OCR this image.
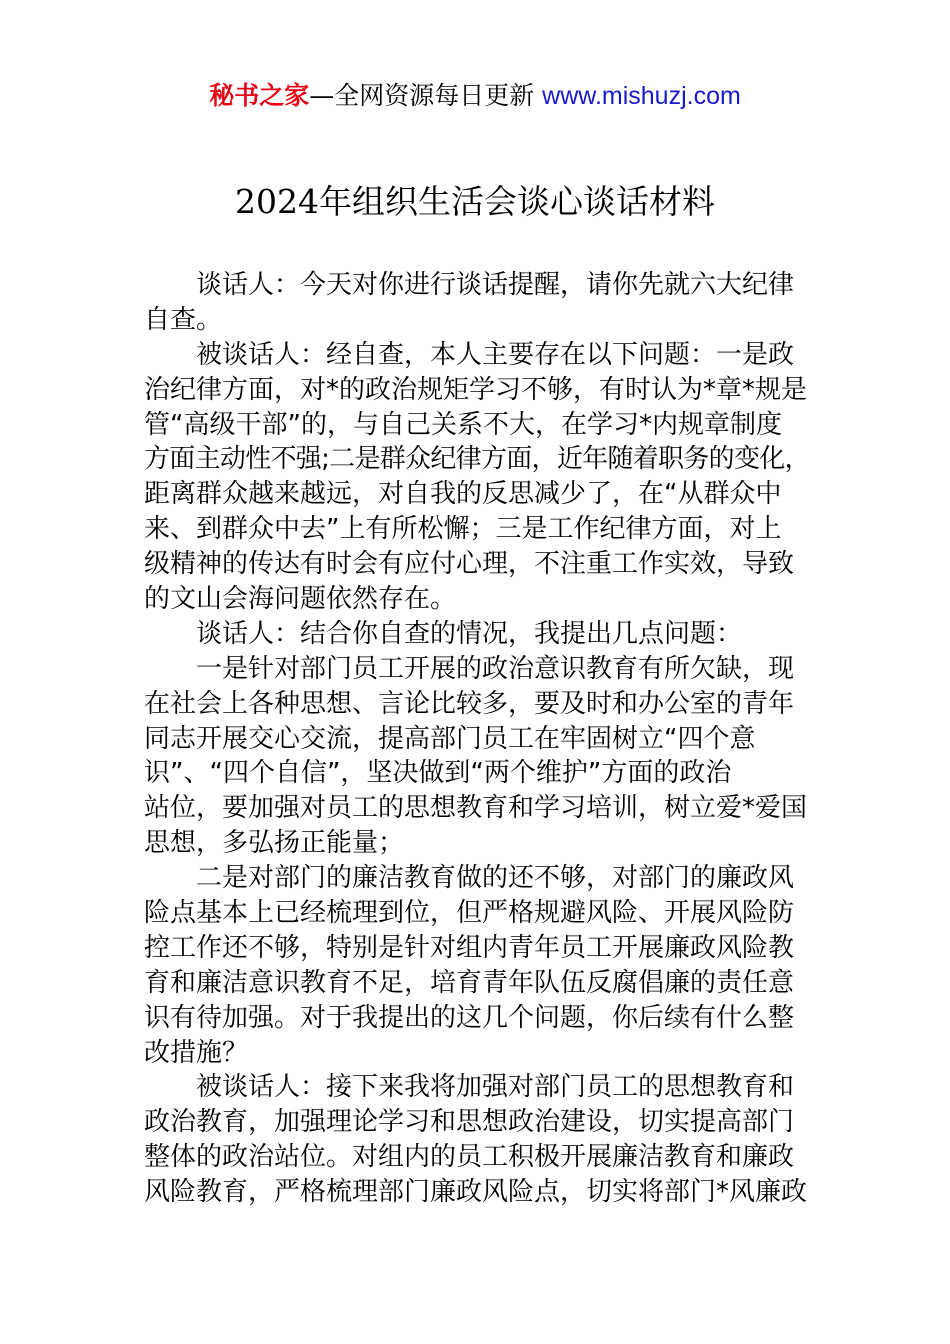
秘书之家—全网资源每日更新 www.mishuzj.com
2024年组织生活会谈心谈话材料
谈话人：今天对你进行谈话提醒，请你先就六大纪律
自查。
被谈话人：经自查，本人主要存在以下问题：一是政
治纪律方面，对*的政治规矩学习不够，有时认为*章*规是
管“高级干部”的，与自己关系不大，在学习*内规章制度
方面主动性不强;二是群众纪律方面，近年随着职务的变化，
距离群众越来越远，对自我的反思减少了，在“从群众中
来、到群众中去”上有所松懈；三是工作纪律方面，对上
级精神的传达有时会有应付心理，不注重工作实效，导致
的文山会海问题依然存在。
谈话人：结合你自查的情况，我提出几点问题：
一是针对部门员工开展的政治意识教育有所欠缺，现
在社会上各种思想、言论比较多，要及时和办公室的青年
同志开展交心交流，提高部门员工在牢固树立“四个意
识”、“四个自信”，坚决做到“两个维护”方面的政治
站位，要加强对员工的思想教育和学习培训，树立爱*爱国
思想，多弘扬正能量；
二是对部门的廉洁教育做的还不够，对部门的廉政风
险点基本上已经梳理到位，但严格规避风险、开展风险防
控工作还不够，特别是针对组内青年员工开展廉政风险教
育和廉洁意识教育不足，培育青年队伍反腐倡廉的责任意
识有待加强。对于我提出的这几个问题，你后续有什么整
改措施？
被谈话人：接下来我将加强对部门员工的思想教育和
政治教育，加强理论学习和思想政治建设，切实提高部门
整体的政治站位。对组内的员工积极开展廉洁教育和廉政
风险教育，严格梳理部门廉政风险点，切实将部门*风廉政
